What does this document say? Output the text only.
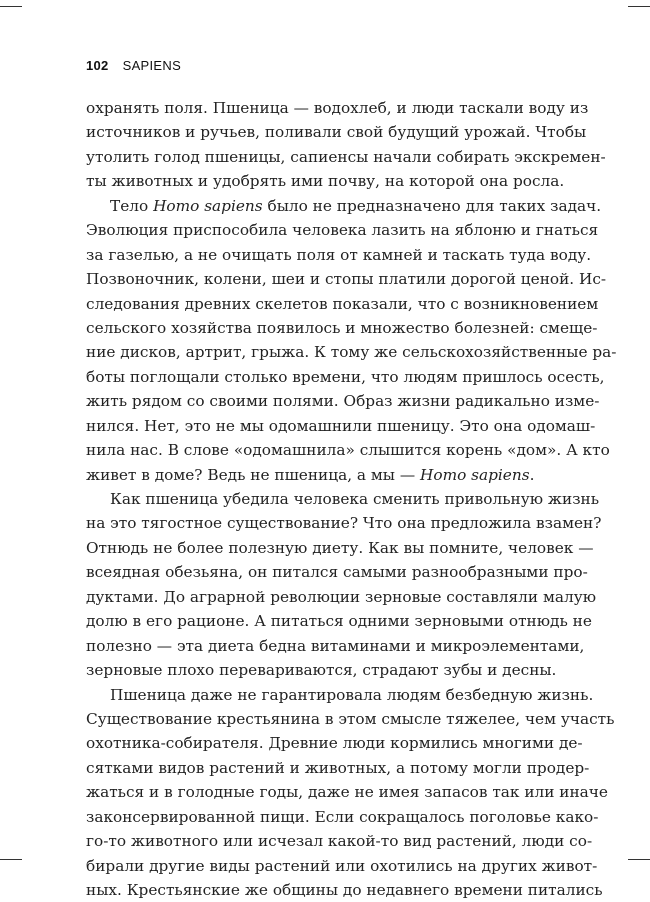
102 SAPIENS
охранять поля. Пшеница — водохлеб, и люди таскали воду из
источников и ручьев, поливали свой будущий урожай. Чтобы
утолить голод пшеницы, сапиенсы начали собирать экскремен-
ты животных и удобрять ими почву, на которой она росла.
Тело Homo sapiens было не предназначено для таких задач.
Эволюция приспособила человека лазить на яблоню и гнаться
за газелью, а не очищать поля от камней и таскать туда воду.
Позвоночник, колени, шеи и стопы платили дорогой ценой. Ис-
следования древних скелетов показали, что с возникновением
сельского хозяйства появилось и множество болезней: смеще-
ние дисков, артрит, грыжа. К тому же сельскохозяйственные ра-
боты поглощали столько времени, что людям пришлось осесть,
жить рядом со своими полями. Образ жизни радикально изме-
нился. Нет, это не мы одомашнили пшеницу. Это она одомаш-
нила нас. В слове «одомашнила» слышится корень «дом». А кто
живет в доме? Ведь не пшеница, а мы — Homo sapiens.
Как пшеница убедила человека сменить привольную жизнь
на это тягостное существование? Что она предложила взамен?
Отнюдь не более полезную диету. Как вы помните, человек —
всеядная обезьяна, он питался самыми разнообразными про-
дуктами. До аграрной революции зерновые составляли малую
долю в его рационе. А питаться одними зерновыми отнюдь не
полезно — эта диета бедна витаминами и микроэлементами,
зерновые плохо перевариваются, страдают зубы и десны.
Пшеница даже не гарантировала людям безбедную жизнь.
Существование крестьянина в этом смысле тяжелее, чем участь
охотника-собирателя. Древние люди кормились многими де-
сятками видов растений и животных, а потому могли продер-
жаться и в голодные годы, даже не имея запасов так или иначе
законсервированной пищи. Если сокращалось поголовье како-
го-то животного или исчезал какой-то вид растений, люди со-
бирали другие виды растений или охотились на других живот-
ных. Крестьянские же общины до недавнего времени питались
